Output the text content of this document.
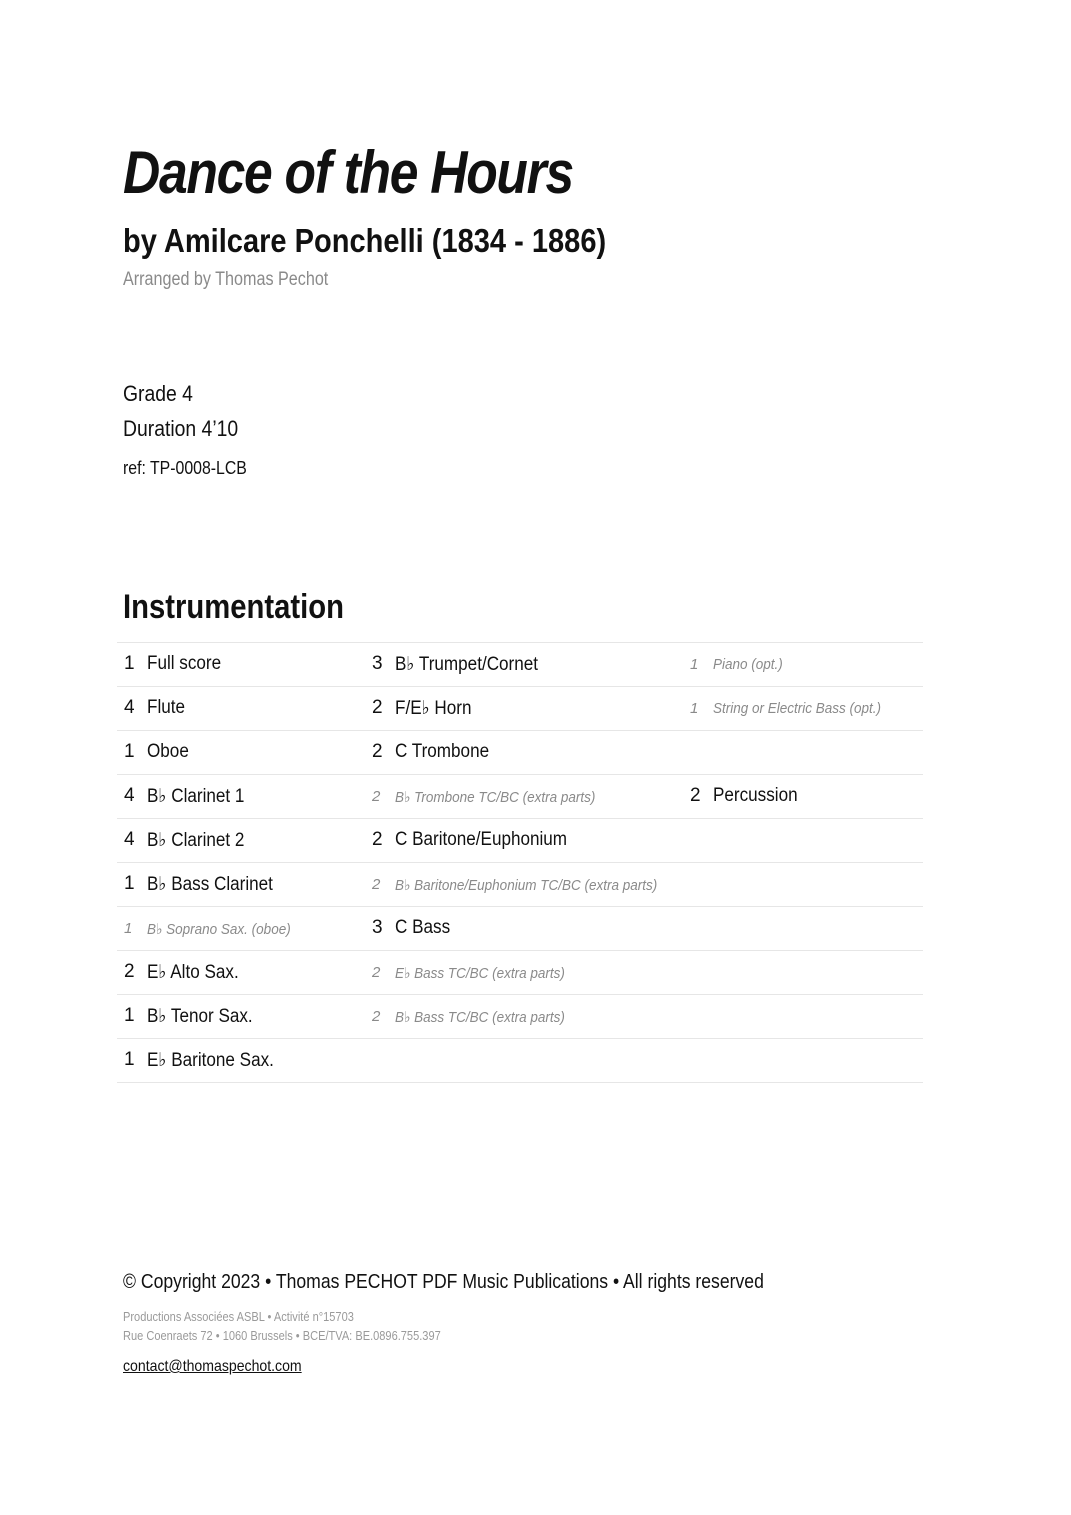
Dance of the Hours
by Amilcare Ponchelli (1834 - 1886)
Arranged by Thomas Pechot
Grade 4
Duration 4’10
ref: TP-0008-LCB
Instrumentation
1 Full score	3 B♭ Trumpet/Cornet	1 Piano (opt.)
4 Flute	2 F/E♭ Horn	1 String or Electric Bass (opt.)
1 Oboe	2 C Trombone
4 B♭ Clarinet 1	2 B♭ Trombone TC/BC (extra parts)	2 Percussion
4 B♭ Clarinet 2	2 C Baritone/Euphonium
1 B♭ Bass Clarinet	2 B♭ Baritone/Euphonium TC/BC (extra parts)
1 B♭ Soprano Sax. (oboe)	3 C Bass
2 E♭ Alto Sax.	2 E♭ Bass TC/BC (extra parts)
1 B♭ Tenor Sax.	2 B♭ Bass TC/BC (extra parts)
1 E♭ Baritone Sax.
© Copyright 2023 • Thomas PECHOT PDF Music Publications • All rights reserved
Productions Associées ASBL • Activité n°15703
Rue Coenraets 72 • 1060 Brussels • BCE/TVA: BE.0896.755.397
contact@thomaspechot.com
